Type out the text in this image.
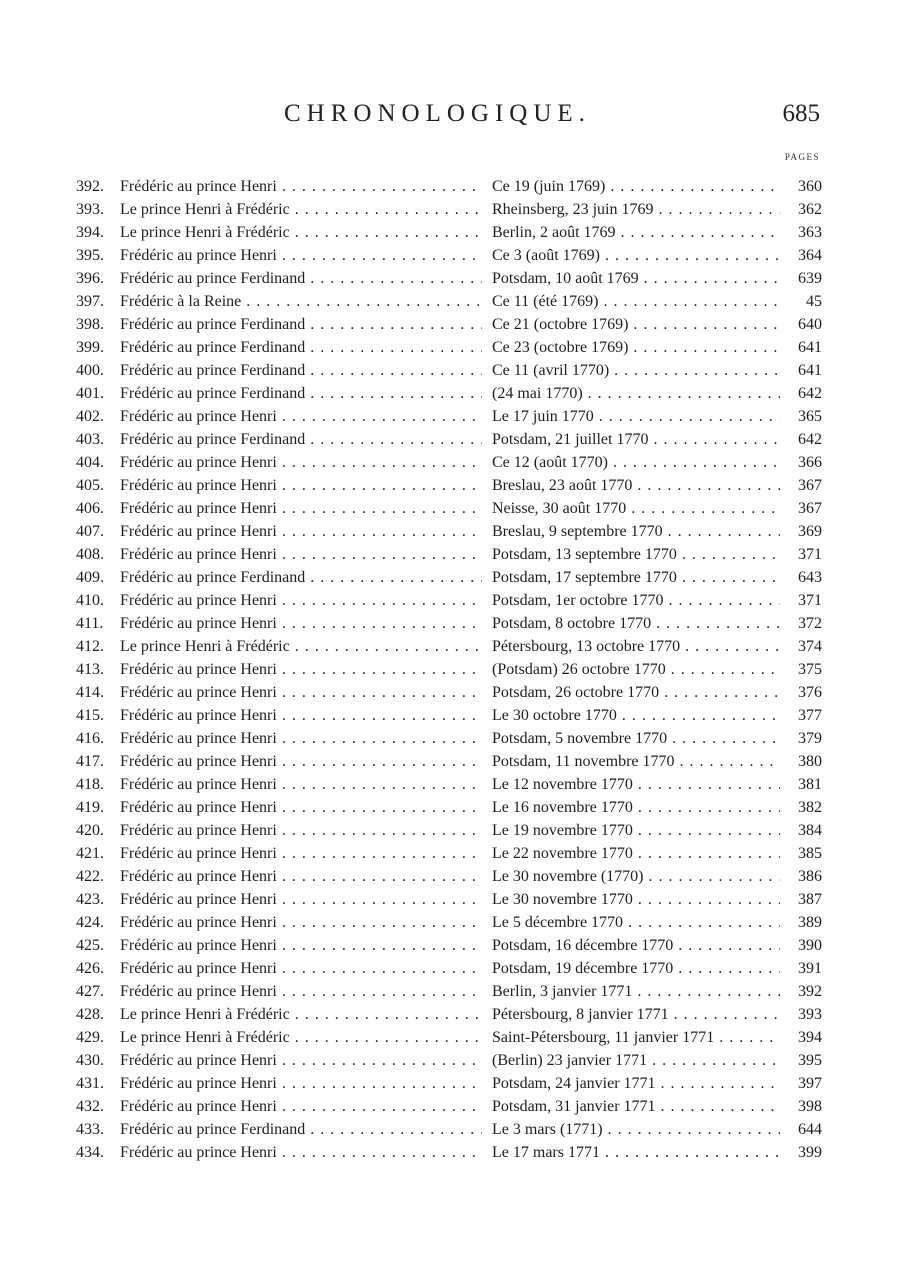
CHRONOLOGIQUE.	685
PAGES
392.	Frédéric au prince Henri . . .	Ce 19 (juin 1769) . . .	360
393.	Le prince Henri à Frédéric . . .	Rheinsberg, 23 juin 1769 . . .	362
394.	Le prince Henri à Frédéric . . .	Berlin, 2 août 1769 . . .	363
395.	Frédéric au prince Henri . . .	Ce 3 (août 1769) . . .	364
396.	Frédéric au prince Ferdinand . . .	Potsdam, 10 août 1769 . . .	639
397.	Frédéric à la Reine . . .	Ce 11 (été 1769) . . .	45
398.	Frédéric au prince Ferdinand . . .	Ce 21 (octobre 1769) . . .	640
399.	Frédéric au prince Ferdinand . . .	Ce 23 (octobre 1769) . . .	641
400.	Frédéric au prince Ferdinand . . .	Ce 11 (avril 1770) . . .	641
401.	Frédéric au prince Ferdinand . . .	(24 mai 1770) . . .	642
402.	Frédéric au prince Henri . . .	Le 17 juin 1770 . . .	365
403.	Frédéric au prince Ferdinand . . .	Potsdam, 21 juillet 1770 . . .	642
404.	Frédéric au prince Henri . . .	Ce 12 (août 1770) . . .	366
405.	Frédéric au prince Henri . . .	Breslau, 23 août 1770 . . .	367
406.	Frédéric au prince Henri . . .	Neisse, 30 août 1770 . . .	367
407.	Frédéric au prince Henri . . .	Breslau, 9 septembre 1770 . . .	369
408.	Frédéric au prince Henri . . .	Potsdam, 13 septembre 1770 . . .	371
409.	Frédéric au prince Ferdinand . . .	Potsdam, 17 septembre 1770 . . .	643
410.	Frédéric au prince Henri . . .	Potsdam, 1er octobre 1770 . . .	371
411.	Frédéric au prince Henri . . .	Potsdam, 8 octobre 1770 . . .	372
412.	Le prince Henri à Frédéric . . .	Pétersbourg, 13 octobre 1770 . . .	374
413.	Frédéric au prince Henri . . .	(Potsdam) 26 octobre 1770 . . .	375
414.	Frédéric au prince Henri . . .	Potsdam, 26 octobre 1770 . . .	376
415.	Frédéric au prince Henri . . .	Le 30 octobre 1770 . . .	377
416.	Frédéric au prince Henri . . .	Potsdam, 5 novembre 1770 . . .	379
417.	Frédéric au prince Henri . . .	Potsdam, 11 novembre 1770 . . .	380
418.	Frédéric au prince Henri . . .	Le 12 novembre 1770 . . .	381
419.	Frédéric au prince Henri . . .	Le 16 novembre 1770 . . .	382
420.	Frédéric au prince Henri . . .	Le 19 novembre 1770 . . .	384
421.	Frédéric au prince Henri . . .	Le 22 novembre 1770 . . .	385
422.	Frédéric au prince Henri . . .	Le 30 novembre (1770) . . .	386
423.	Frédéric au prince Henri . . .	Le 30 novembre 1770 . . .	387
424.	Frédéric au prince Henri . . .	Le 5 décembre 1770 . . .	389
425.	Frédéric au prince Henri . . .	Potsdam, 16 décembre 1770 . . .	390
426.	Frédéric au prince Henri . . .	Potsdam, 19 décembre 1770 . . .	391
427.	Frédéric au prince Henri . . .	Berlin, 3 janvier 1771 . . .	392
428.	Le prince Henri à Frédéric . . .	Pétersbourg, 8 janvier 1771 . . .	393
429.	Le prince Henri à Frédéric . . .	Saint-Pétersbourg, 11 janvier 1771 . . .	394
430.	Frédéric au prince Henri . . .	(Berlin) 23 janvier 1771 . . .	395
431.	Frédéric au prince Henri . . .	Potsdam, 24 janvier 1771 . . .	397
432.	Frédéric au prince Henri . . .	Potsdam, 31 janvier 1771 . . .	398
433.	Frédéric au prince Ferdinand . . .	Le 3 mars (1771) . . .	644
434.	Frédéric au prince Henri . . .	Le 17 mars 1771 . . .	399
